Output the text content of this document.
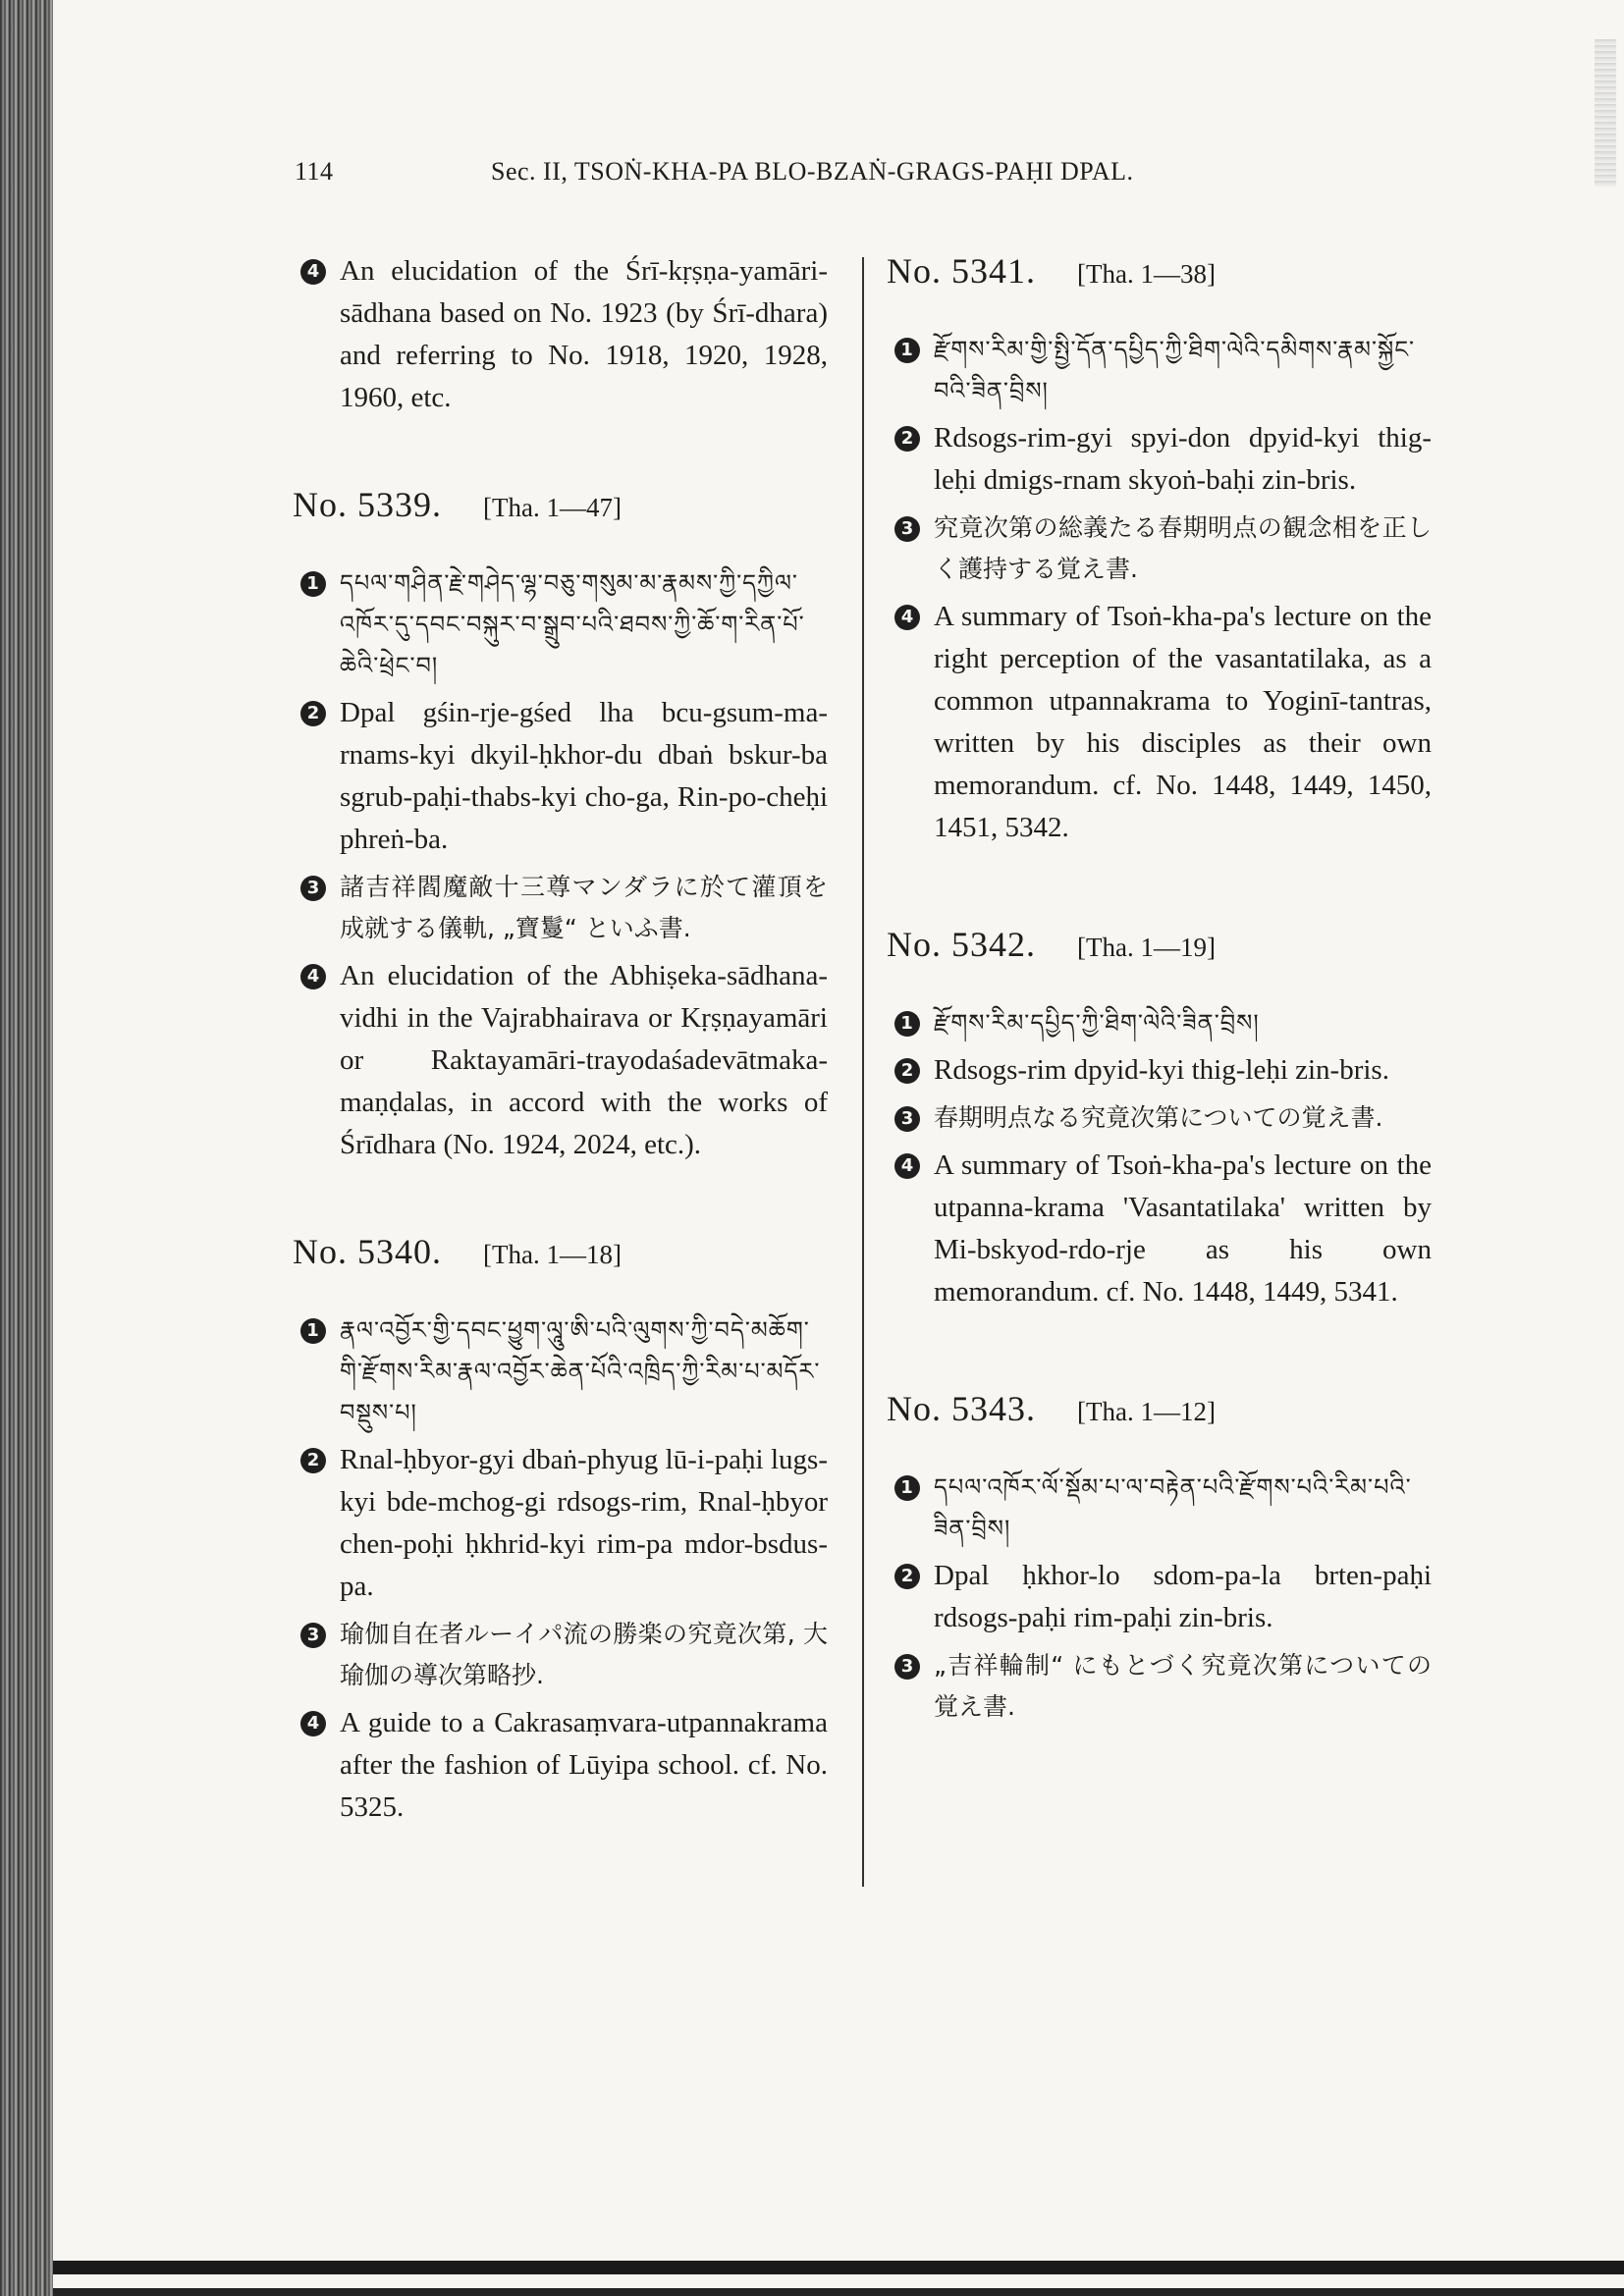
114	Sec. II, TSOṄ-KHA-PA BLO-BZAṄ-GRAGS-PAḤI DPAL.
4 An elucidation of the Śrī-kṛṣṇa-yamāri-sādhana based on No. 1923 (by Śrī-dhara) and referring to No. 1918, 1920, 1928, 1960, etc.
No. 5339. [Tha. 1—47]
1 དཔལ་གཤིན་རྗེ་གཤེད་ལྷ་བཅུ་གསུམ་མ་རྣམས་ཀྱི་དཀྱིལ་འཁོར་དུ་དབང་བསྐུར་བ་སྒྲུབ་པའི་ཐབས་ཀྱི་ཆོ་ག་རིན་པོ་ཆེའི་ཕྲེང་བ།
2 Dpal gśin-rje-gśed lha bcu-gsum-ma-rnams-kyi dkyil-ḥkhor-du dbaṅ bskur-ba sgrub-paḥi-thabs-kyi cho-ga, Rin-po-cheḥi phreṅ-ba.
3 諸吉祥閻魔敵十三尊マンダラに於て灌頂を成就する儀軌, „寶鬘“ といふ書.
4 An elucidation of the Abhiṣeka-sādhana-vidhi in the Vajrabhairava or Kṛṣṇayamāri or Raktayamāri-trayodaśadevātmaka-maṇḍalas, in accord with the works of Śrīdhara (No. 1924, 2024, etc.).
No. 5340. [Tha. 1—18]
1 རྣལ་འབྱོར་གྱི་དབང་ཕྱུག་ལཱུ་ཨི་པའི་ལུགས་ཀྱི་བདེ་མཆོག་གི་རྫོགས་རིམ་རྣལ་འབྱོར་ཆེན་པོའི་འཁྲིད་ཀྱི་རིམ་པ་མདོར་བསྡུས་པ།
2 Rnal-ḥbyor-gyi dbaṅ-phyug lū-i-paḥi lugs-kyi bde-mchog-gi rdsogs-rim, Rnal-ḥbyor chen-poḥi ḥkhrid-kyi rim-pa mdor-bsdus-pa.
3 瑜伽自在者ルーイパ流の勝楽の究竟次第, 大瑜伽の導次第略抄.
4 A guide to a Cakrasaṃvara-utpannakrama after the fashion of Lūyipa school. cf. No. 5325.
No. 5341. [Tha. 1—38]
1 རྫོགས་རིམ་གྱི་སྤྱི་དོན་དཔྱིད་ཀྱི་ཐིག་ལེའི་དམིགས་རྣམ་སྐྱོང་བའི་ཟིན་བྲིས།
2 Rdsogs-rim-gyi spyi-don dpyid-kyi thig-leḥi dmigs-rnam skyoṅ-baḥi zin-bris.
3 究竟次第の総義たる春期明点の観念相を正しく護持する覚え書.
4 A summary of Tsoṅ-kha-pa's lecture on the right perception of the vasantatilaka, as a common utpannakrama to Yoginī-tantras, written by his disciples as their own memorandum. cf. No. 1448, 1449, 1450, 1451, 5342.
No. 5342. [Tha. 1—19]
1 རྫོགས་རིམ་དཔྱིད་ཀྱི་ཐིག་ལེའི་ཟིན་བྲིས།
2 Rdsogs-rim dpyid-kyi thig-leḥi zin-bris.
3 春期明点なる究竟次第についての覚え書.
4 A summary of Tsoṅ-kha-pa's lecture on the utpanna-krama 'Vasantatilaka' written by Mi-bskyod-rdo-rje as his own memorandum. cf. No. 1448, 1449, 5341.
No. 5343. [Tha. 1—12]
1 དཔལ་འཁོར་ལོ་སྡོམ་པ་ལ་བརྟེན་པའི་རྫོགས་པའི་རིམ་པའི་ཟིན་བྲིས།
2 Dpal ḥkhor-lo sdom-pa-la brten-paḥi rdsogs-paḥi rim-paḥi zin-bris.
3 „吉祥輪制“ にもとづく究竟次第についての覚え書.
